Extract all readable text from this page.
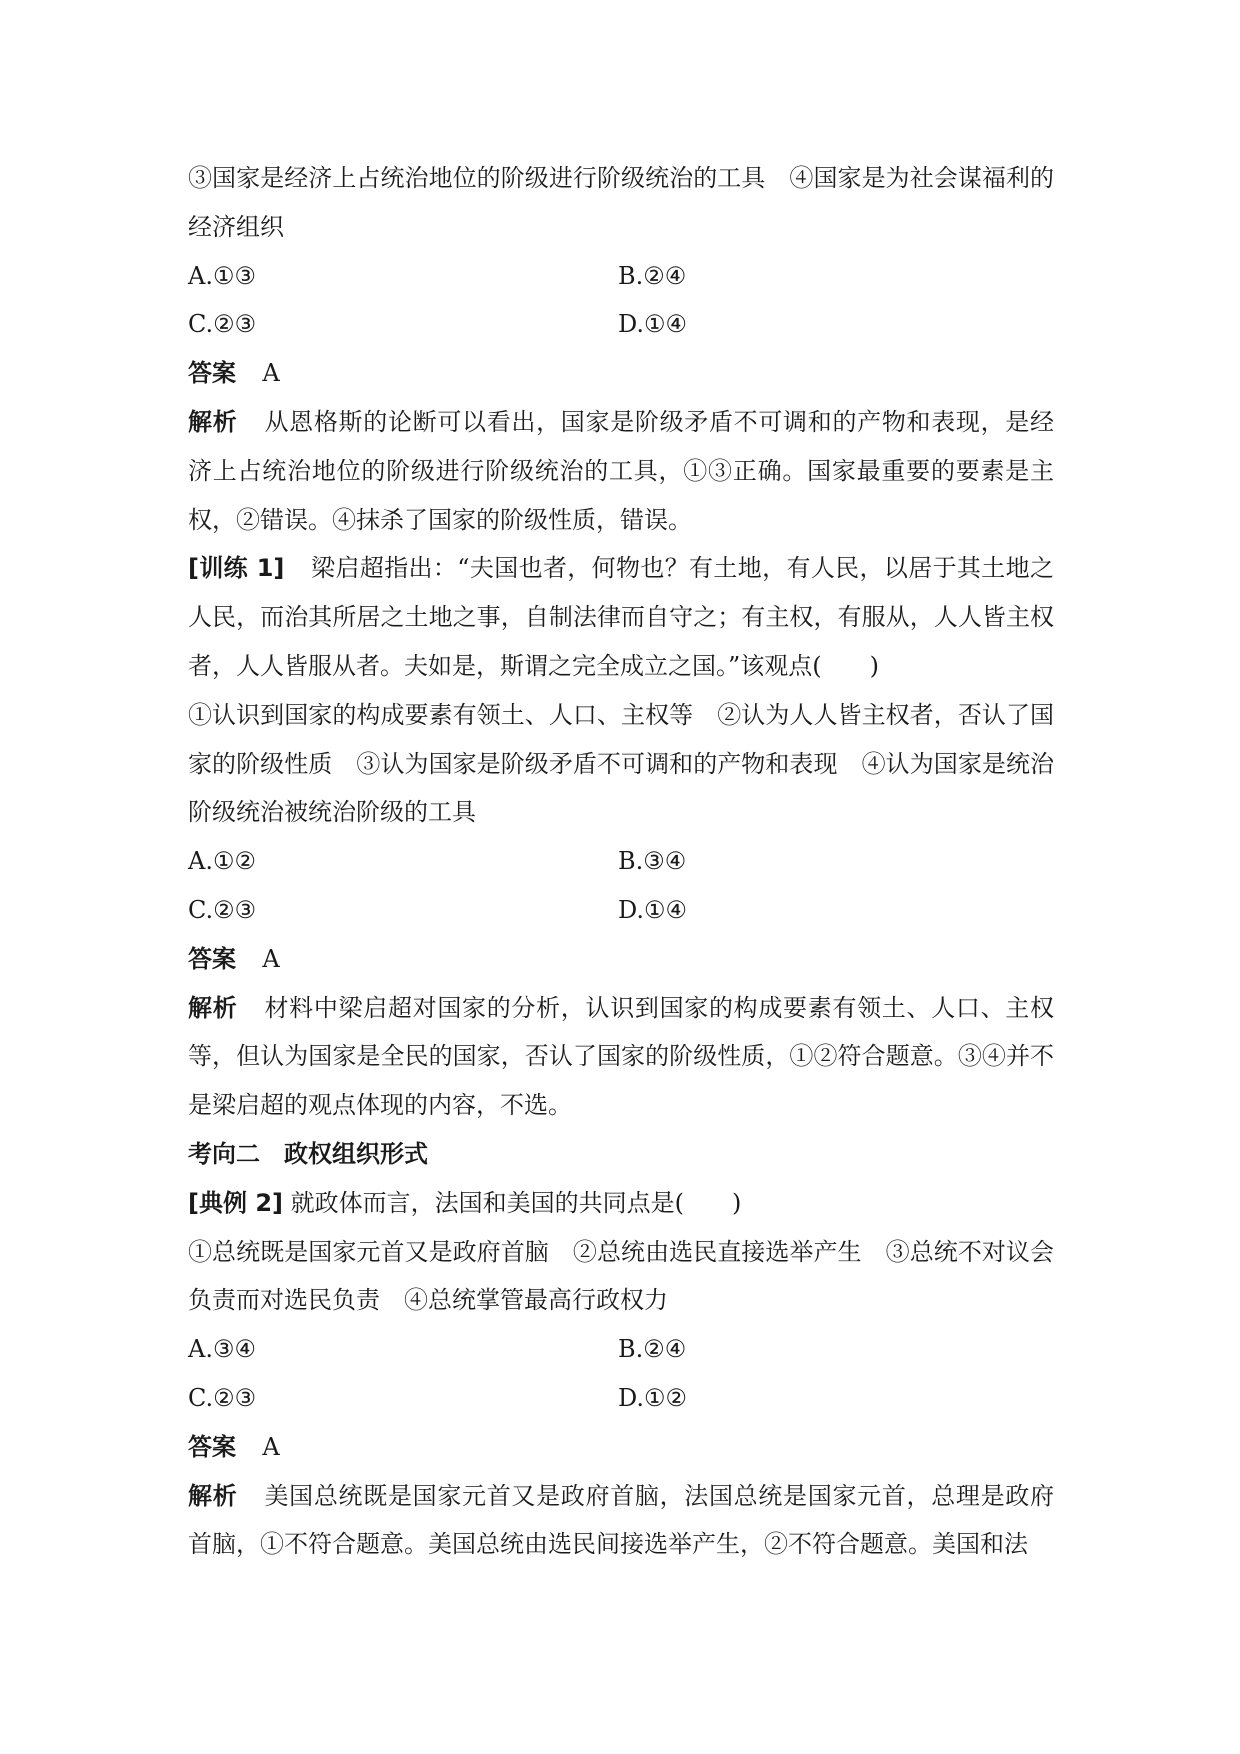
③国家是经济上占统治地位的阶级进行阶级统治的工具　④国家是为社会谋福利的经济组织

A.①③	B.②④
C.②③	D.①④

答案 A

解析 从恩格斯的论断可以看出，国家是阶级矛盾不可调和的产物和表现，是经济上占统治地位的阶级进行阶级统治的工具，①③正确。国家最重要的要素是主权，②错误。④抹杀了国家的阶级性质，错误。

[训练 1] 梁启超指出：“夫国也者，何物也？有土地，有人民，以居于其土地之人民，而治其所居之土地之事，自制法律而自守之；有主权，有服从，人人皆主权者，人人皆服从者。夫如是，斯谓之完全成立之国。”该观点(　　)

①认识到国家的构成要素有领土、人口、主权等　②认为人人皆主权者，否认了国家的阶级性质　③认为国家是阶级矛盾不可调和的产物和表现　④认为国家是统治阶级统治被统治阶级的工具

A.①②	B.③④
C.②③	D.①④

答案 A

解析 材料中梁启超对国家的分析，认识到国家的构成要素有领土、人口、主权等，但认为国家是全民的国家，否认了国家的阶级性质，①②符合题意。③④并不是梁启超的观点体现的内容，不选。

考向二　政权组织形式

[典例 2] 就政体而言，法国和美国的共同点是(　　)

①总统既是国家元首又是政府首脑　②总统由选民直接选举产生　③总统不对议会负责而对选民负责　④总统掌管最高行政权力

A.③④	B.②④
C.②③	D.①②

答案 A

解析 美国总统既是国家元首又是政府首脑，法国总统是国家元首，总理是政府首脑，①不符合题意。美国总统由选民间接选举产生，②不符合题意。美国和法
